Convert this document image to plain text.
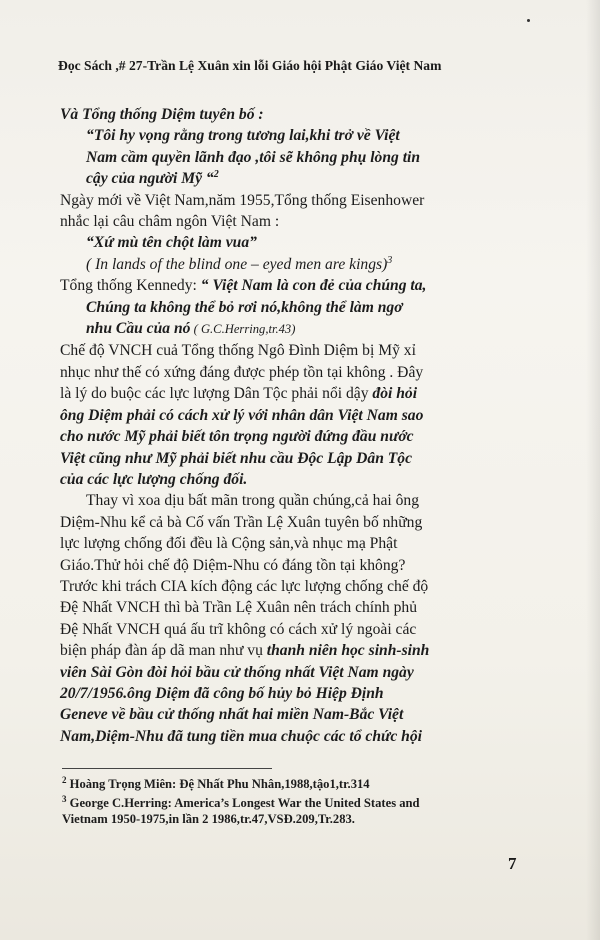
Đọc Sách ,# 27-Trần Lệ Xuân xin lỗi Giáo hội Phật Giáo Việt Nam

Và Tổng thống Diệm tuyên bố :

“Tôi hy vọng rằng trong tương lai,khi trở về Việt

Nam cầm quyền lãnh đạo ,tôi sẽ không phụ lòng tin

cậy của người Mỹ “$^2$

Ngày mới về Việt Nam,năm 1955,Tổng thống Eisenhower

nhắc lại câu châm ngôn Việt Nam :

“Xứ mù tên chột làm vua”

( In lands of the blind one – eyed men are kings)$^3$

Tổng thống Kennedy: “ Việt Nam là con đẻ của chúng ta,

Chúng ta không thể bỏ rơi nó,không thể làm ngơ

nhu Cầu của nó ( G.C.Herring,tr.43)

Chế độ VNCH cuả Tổng thống Ngô Đình Diệm bị Mỹ xỉ

nhục như thế có xứng đáng được phép tồn tại không . Đây

là lý do buộc các lực lượng Dân Tộc phải nổi dậy đòi hỏi

ông Diệm phải có cách xử lý với nhân dân Việt Nam sao

cho nước Mỹ phải biết tôn trọng người đứng đầu nước

Việt cũng như Mỹ phải biết nhu cầu Độc Lập Dân Tộc

của các lực lượng chống đối.

Thay vì xoa dịu bất mãn trong quần chúng,cả hai ông

Diệm-Nhu kể cả bà Cố vấn Trần Lệ Xuân tuyên bố những

lực lượng chống đối đều là Cộng sản,và nhục mạ Phật

Giáo.Thử hỏi chế độ Diệm-Nhu có đáng tồn tại không?

Trước khi trách CIA kích động các lực lượng chống chế độ

Đệ Nhất VNCH thì bà Trần Lệ Xuân nên trách chính phủ

Đệ Nhất VNCH quá ấu trĩ không có cách xử lý ngoài các

biện pháp đàn áp dã man như vụ thanh niên học sinh-sinh

viên Sài Gòn đòi hỏi bầu cử thống nhất Việt Nam ngày

20/7/1956.ông Diệm đã công bố hủy bỏ Hiệp Định

Geneve về bầu cử thống nhất hai miền Nam-Bắc Việt

Nam,Diệm-Nhu đã tung tiền mua chuộc các tổ chức hội

$^2$ Hoàng Trọng Miên: Đệ Nhất Phu Nhân,1988,tậo1,tr.314

$^3$ George C.Herring: America’s Longest War the United States and
Vietnam 1950-1975,in lần 2 1986,tr.47,VSĐ.209,Tr.283.

7
